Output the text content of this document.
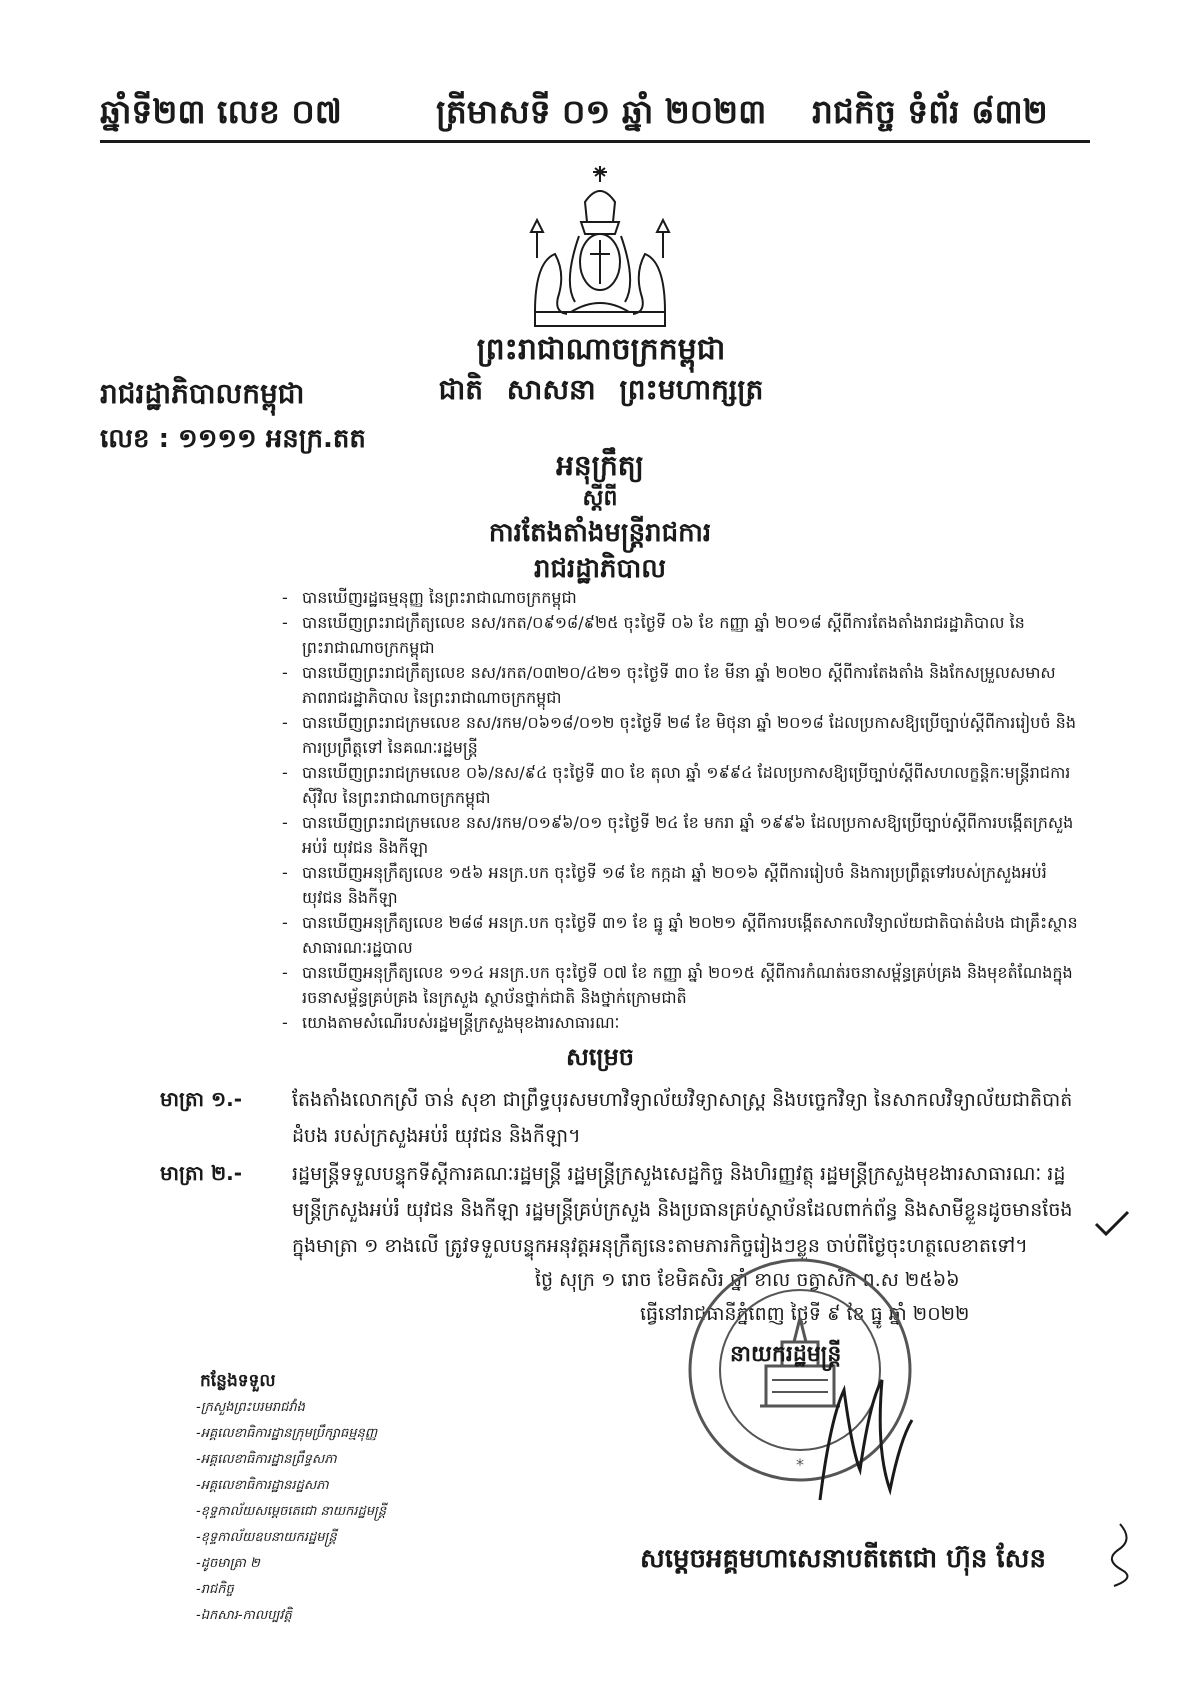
ឆ្នាំទី២៣ លេខ ០៧	ត្រីមាសទី ០១ ឆ្នាំ ២០២៣ រាជកិច្ច ទំព័រ ៨៣២
ព្រះរាជាណាចក្រកម្ពុជា
ជាតិ សាសនា ព្រះមហាក្សត្រ
រាជរដ្ឋាភិបាលកម្ពុជា
លេខ : ១១១១ អនក្រ.តត
អនុក្រឹត្យ
ស្តីពី
ការតែងតាំងមន្ត្រីរាជការ
រាជរដ្ឋាភិបាល
- បានឃើញរដ្ឋធម្មនុញ្ញ នៃព្រះរាជាណាចក្រកម្ពុជា
- បានឃើញព្រះរាជក្រឹត្យលេខ នស/រកត/០៩១៨/៩២៥ ចុះថ្ងៃទី ០៦ ខែ កញ្ញា ឆ្នាំ ២០១៨ ស្តីពីការតែងតាំងរាជរដ្ឋាភិបាល នៃព្រះរាជាណាចក្រកម្ពុជា
- បានឃើញព្រះរាជក្រឹត្យលេខ នស/រកត/០៣២០/៤២១ ចុះថ្ងៃទី ៣០ ខែ មីនា ឆ្នាំ ២០២០ ស្តីពីការតែងតាំង និងកែសម្រួលសមាសភាពរាជរដ្ឋាភិបាល នៃព្រះរាជាណាចក្រកម្ពុជា
- បានឃើញព្រះរាជក្រមលេខ នស/រកម/០៦១៨/០១២ ចុះថ្ងៃទី ២៨ ខែ មិថុនា ឆ្នាំ ២០១៨ ដែលប្រកាសឱ្យប្រើច្បាប់ស្តីពីការរៀបចំ និងការប្រព្រឹត្តទៅ នៃគណៈរដ្ឋមន្ត្រី
- បានឃើញព្រះរាជក្រមលេខ ០៦/នស/៩៤ ចុះថ្ងៃទី ៣០ ខែ តុលា ឆ្នាំ ១៩៩៤ ដែលប្រកាសឱ្យប្រើច្បាប់ស្តីពីសហលក្ខន្តិកៈមន្ត្រីរាជការស៊ីវិល នៃព្រះរាជាណាចក្រកម្ពុជា
- បានឃើញព្រះរាជក្រមលេខ នស/រកម/០១៩៦/០១ ចុះថ្ងៃទី ២៤ ខែ មករា ឆ្នាំ ១៩៩៦ ដែលប្រកាសឱ្យប្រើច្បាប់ស្តីពីការបង្កើតក្រសួងអប់រំ យុវជន និងកីឡា
- បានឃើញអនុក្រឹត្យលេខ ១៥៦ អនក្រ.បក ចុះថ្ងៃទី ១៨ ខែ កក្កដា ឆ្នាំ ២០១៦ ស្តីពីការរៀបចំ និងការប្រព្រឹត្តទៅរបស់ក្រសួងអប់រំ យុវជន និងកីឡា
- បានឃើញអនុក្រឹត្យលេខ ២៨៨ អនក្រ.បក ចុះថ្ងៃទី ៣១ ខែ ធ្នូ ឆ្នាំ ២០២១ ស្តីពីការបង្កើតសាកលវិទ្យាល័យជាតិបាត់ដំបង ជាគ្រឹះស្ថានសាធារណៈរដ្ឋបាល
- បានឃើញអនុក្រឹត្យលេខ ១១៤ អនក្រ.បក ចុះថ្ងៃទី ០៧ ខែ កញ្ញា ឆ្នាំ ២០១៥ ស្តីពីការកំណត់រចនាសម្ព័ន្ធគ្រប់គ្រង និងមុខតំណែងក្នុងរចនាសម្ព័ន្ធគ្រប់គ្រង នៃក្រសួង ស្ថាប័នថ្នាក់ជាតិ និងថ្នាក់ក្រោមជាតិ
- យោងតាមសំណើរបស់រដ្ឋមន្ត្រីក្រសួងមុខងារសាធារណៈ
សម្រេច
មាត្រា ១.-	តែងតាំងលោកស្រី ចាន់ សុខា ជាព្រឹទ្ធបុរសមហាវិទ្យាល័យវិទ្យាសាស្ត្រ និងបច្ចេកវិទ្យា នៃសាកលវិទ្យាល័យជាតិបាត់ដំបង របស់ក្រសួងអប់រំ យុវជន និងកីឡា។
មាត្រា ២.-	រដ្ឋមន្ត្រីទទួលបន្ទុកទីស្តីការគណៈរដ្ឋមន្ត្រី រដ្ឋមន្ត្រីក្រសួងសេដ្ឋកិច្ច និងហិរញ្ញវត្ថុ រដ្ឋមន្ត្រីក្រសួងមុខងារសាធារណៈ រដ្ឋមន្ត្រីក្រសួងអប់រំ យុវជន និងកីឡា រដ្ឋមន្ត្រីគ្រប់ក្រសួង និងប្រធានគ្រប់ស្ថាប័នដែលពាក់ព័ន្ធ និងសាមីខ្លួនដូចមានចែងក្នុងមាត្រា ១ ខាងលើ ត្រូវទទួលបន្ទុកអនុវត្តអនុក្រឹត្យនេះតាមភារកិច្ចរៀងៗខ្លួន ចាប់ពីថ្ងៃចុះហត្ថលេខាតទៅ។
ថ្ងៃ សុក្រ ១ រោច ខែមិគសិរ ឆ្នាំ ខាល ចត្វាស័ក ព.ស ២៥៦៦
ធ្វើនៅរាជធានីភ្នំពេញ ថ្ងៃទី ៩ ខែ ធ្នូ ឆ្នាំ ២០២២
*
នាយករដ្ឋមន្ត្រី
សម្តេចអគ្គមហាសេនាបតីតេជោ ហ៊ុន សែន
កន្លែងទទួល
-ក្រសួងព្រះបរមរាជវាំង
-អគ្គលេខាធិការដ្ឋានក្រុមប្រឹក្សាធម្មនុញ្ញ
-អគ្គលេខាធិការដ្ឋានព្រឹទ្ធសភា
-អគ្គលេខាធិការដ្ឋានរដ្ឋសភា
-ខុទ្ទកាល័យសម្តេចតេជោ នាយករដ្ឋមន្ត្រី
-ខុទ្ទកាល័យឧបនាយករដ្ឋមន្ត្រី
-ដូចមាត្រា ២
-រាជកិច្ច
-ឯកសារ-កាលប្បវត្តិ
